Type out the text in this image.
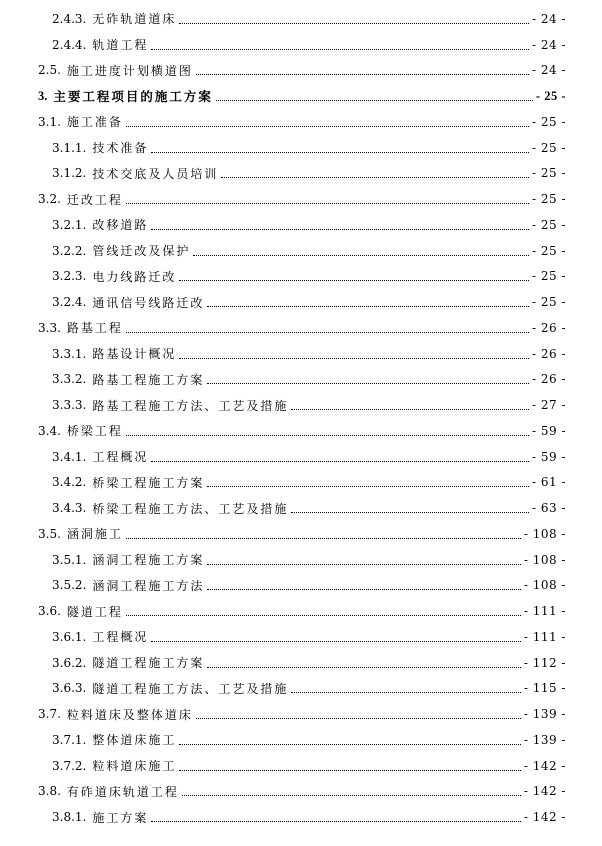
2.4.3. 无砟轨道道床	- 24 -
2.4.4. 轨道工程	- 24 -
2.5. 施工进度计划横道图	- 24 -
3. 主要工程项目的施工方案	- 25 -
3.1. 施工准备	- 25 -
3.1.1. 技术准备	- 25 -
3.1.2. 技术交底及人员培训	- 25 -
3.2. 迁改工程	- 25 -
3.2.1. 改移道路	- 25 -
3.2.2. 管线迁改及保护	- 25 -
3.2.3. 电力线路迁改	- 25 -
3.2.4. 通讯信号线路迁改	- 25 -
3.3. 路基工程	- 26 -
3.3.1. 路基设计概况	- 26 -
3.3.2. 路基工程施工方案	- 26 -
3.3.3. 路基工程施工方法、工艺及措施	- 27 -
3.4. 桥梁工程	- 59 -
3.4.1. 工程概况	- 59 -
3.4.2. 桥梁工程施工方案	- 61 -
3.4.3. 桥梁工程施工方法、工艺及措施	- 63 -
3.5. 涵洞施工	- 108 -
3.5.1. 涵洞工程施工方案	- 108 -
3.5.2. 涵洞工程施工方法	- 108 -
3.6. 隧道工程	- 111 -
3.6.1. 工程概况	- 111 -
3.6.2. 隧道工程施工方案	- 112 -
3.6.3. 隧道工程施工方法、工艺及措施	- 115 -
3.7. 粒料道床及整体道床	- 139 -
3.7.1. 整体道床施工	- 139 -
3.7.2. 粒料道床施工	- 142 -
3.8. 有砟道床轨道工程	- 142 -
3.8.1. 施工方案	- 142 -
